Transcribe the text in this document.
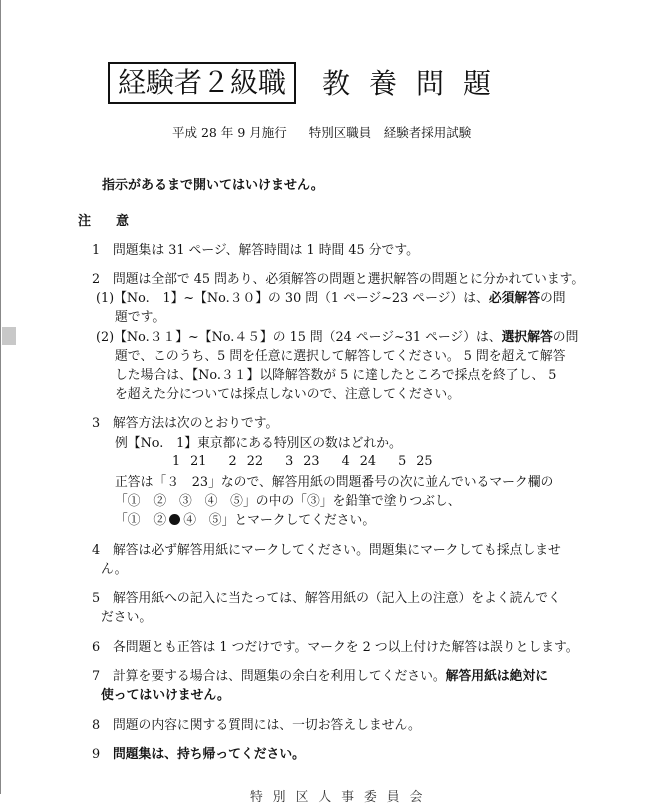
経験者２級職	教養問題
平成 28 年 9 月施行 特別区職員　経験者採用試験
指示があるまで開いてはいけません。
注　意
1　問題集は 31 ページ、解答時間は 1 時間 45 分です。
2　問題は全部で 45 問あり、必須解答の問題と選択解答の問題とに分かれています。
(1)【No.　1】~【No.３０】の 30 問（1 ページ~23 ページ）は、必須解答の問
題です。
(2)【No.３１】~【No.４５】の 15 問（24 ページ~31 ページ）は、選択解答の問
題で、このうち、5 問を任意に選択して解答してください。 5 問を超えて解答
した場合は、【No.３１】以降解答数が 5 に達したところで採点を終了し、 5
を超えた分については採点しないので、注意してください。
3　解答方法は次のとおりです。
例【No.　1】東京都にある特別区の数はどれか。
1 21 2 22 3 23 4 24 5 25
正答は「３　23」なので、解答用紙の問題番号の次に並んでいるマーク欄の
「①　②　③　④　⑤」の中の「③」を鉛筆で塗りつぶし、
「①　② ④　⑤」とマークしてください。
4　解答は必ず解答用紙にマークしてください。問題集にマークしても採点しませ
ん。
5　解答用紙への記入に当たっては、解答用紙の（記入上の注意）をよく読んでく
ださい。
6　各問題とも正答は 1 つだけです。マークを 2 つ以上付けた解答は誤りとします。
7　計算を要する場合は、問題集の余白を利用してください。解答用紙は絶対に
使ってはいけません。
8　問題の内容に関する質問には、一切お答えしません。
9　 問題集は、持ち帰ってください。
特別区人事委員会
